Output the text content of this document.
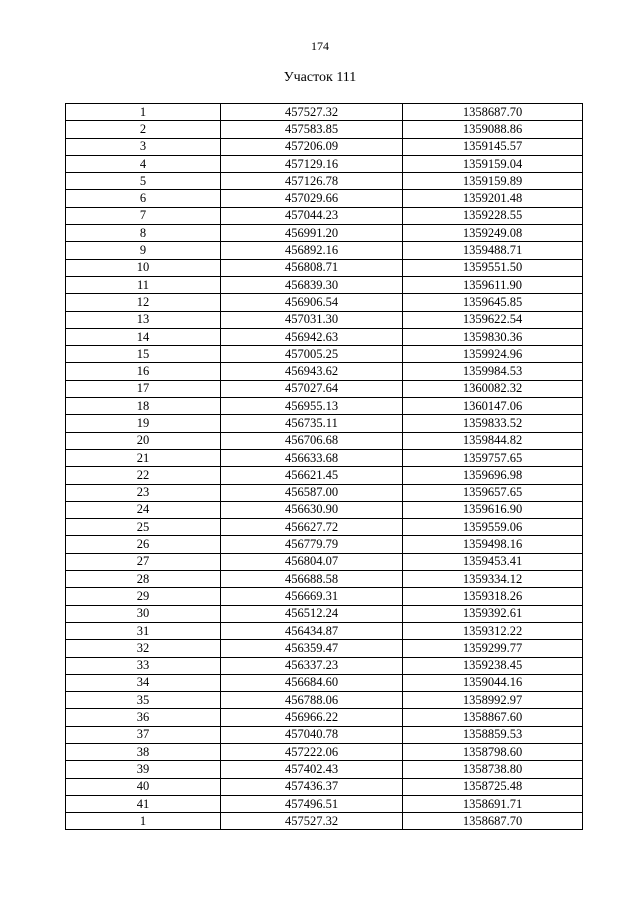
174
Участок 111
1	457527.32	1358687.70
2	457583.85	1359088.86
3	457206.09	1359145.57
4	457129.16	1359159.04
5	457126.78	1359159.89
6	457029.66	1359201.48
7	457044.23	1359228.55
8	456991.20	1359249.08
9	456892.16	1359488.71
10	456808.71	1359551.50
11	456839.30	1359611.90
12	456906.54	1359645.85
13	457031.30	1359622.54
14	456942.63	1359830.36
15	457005.25	1359924.96
16	456943.62	1359984.53
17	457027.64	1360082.32
18	456955.13	1360147.06
19	456735.11	1359833.52
20	456706.68	1359844.82
21	456633.68	1359757.65
22	456621.45	1359696.98
23	456587.00	1359657.65
24	456630.90	1359616.90
25	456627.72	1359559.06
26	456779.79	1359498.16
27	456804.07	1359453.41
28	456688.58	1359334.12
29	456669.31	1359318.26
30	456512.24	1359392.61
31	456434.87	1359312.22
32	456359.47	1359299.77
33	456337.23	1359238.45
34	456684.60	1359044.16
35	456788.06	1358992.97
36	456966.22	1358867.60
37	457040.78	1358859.53
38	457222.06	1358798.60
39	457402.43	1358738.80
40	457436.37	1358725.48
41	457496.51	1358691.71
1	457527.32	1358687.70
